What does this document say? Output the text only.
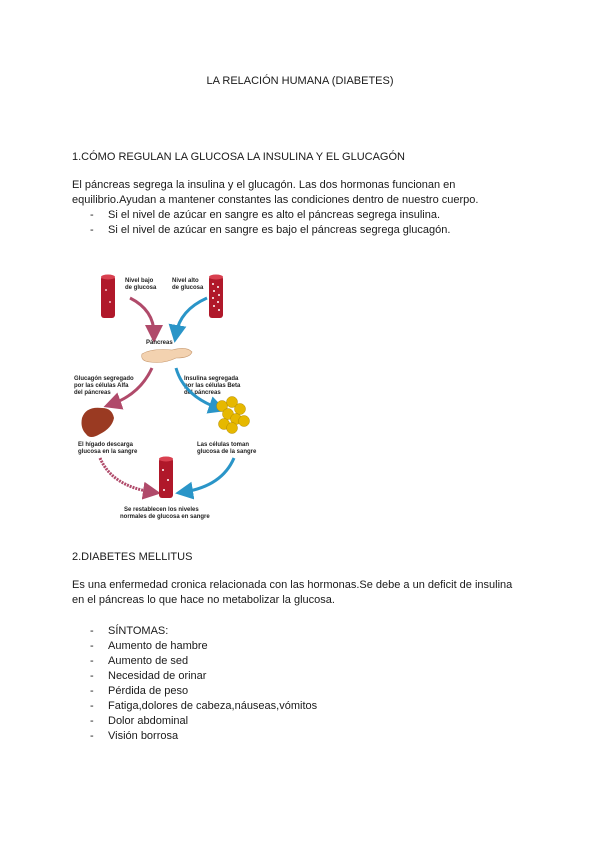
LA RELACIÓN HUMANA (DIABETES)
1.CÓMO REGULAN LA GLUCOSA LA INSULINA Y EL GLUCAGÓN
El páncreas segrega la insulina y el glucagón. Las dos hormonas funcionan en
equilibrio.Ayudan a mantener constantes las condiciones dentro de nuestro cuerpo.
- Si el nivel de azúcar en sangre es alto el páncreas segrega insulina.
- Si el nivel de azúcar en sangre es bajo el páncreas segrega glucagón.
Nivel bajo
de glucosa
Nivel alto
de glucosa
Páncreas
Glucagón segregado
por las células Alfa
del páncreas
El hígado descarga
glucosa en la sangre
Insulina segregada
por las células Beta
del páncreas
Las células toman
glucosa de la sangre
Se restablecen los niveles
normales de glucosa en sangre
2.DIABETES MELLITUS
Es una enfermedad cronica relacionada con las hormonas.Se debe a un deficit de insulina
en el páncreas lo que hace no metabolizar la glucosa.
- SÍNTOMAS:
- Aumento de hambre
- Aumento de sed
- Necesidad de orinar
- Pérdida de peso
- Fatiga,dolores de cabeza,náuseas,vómitos
- Dolor abdominal
- Visión borrosa
